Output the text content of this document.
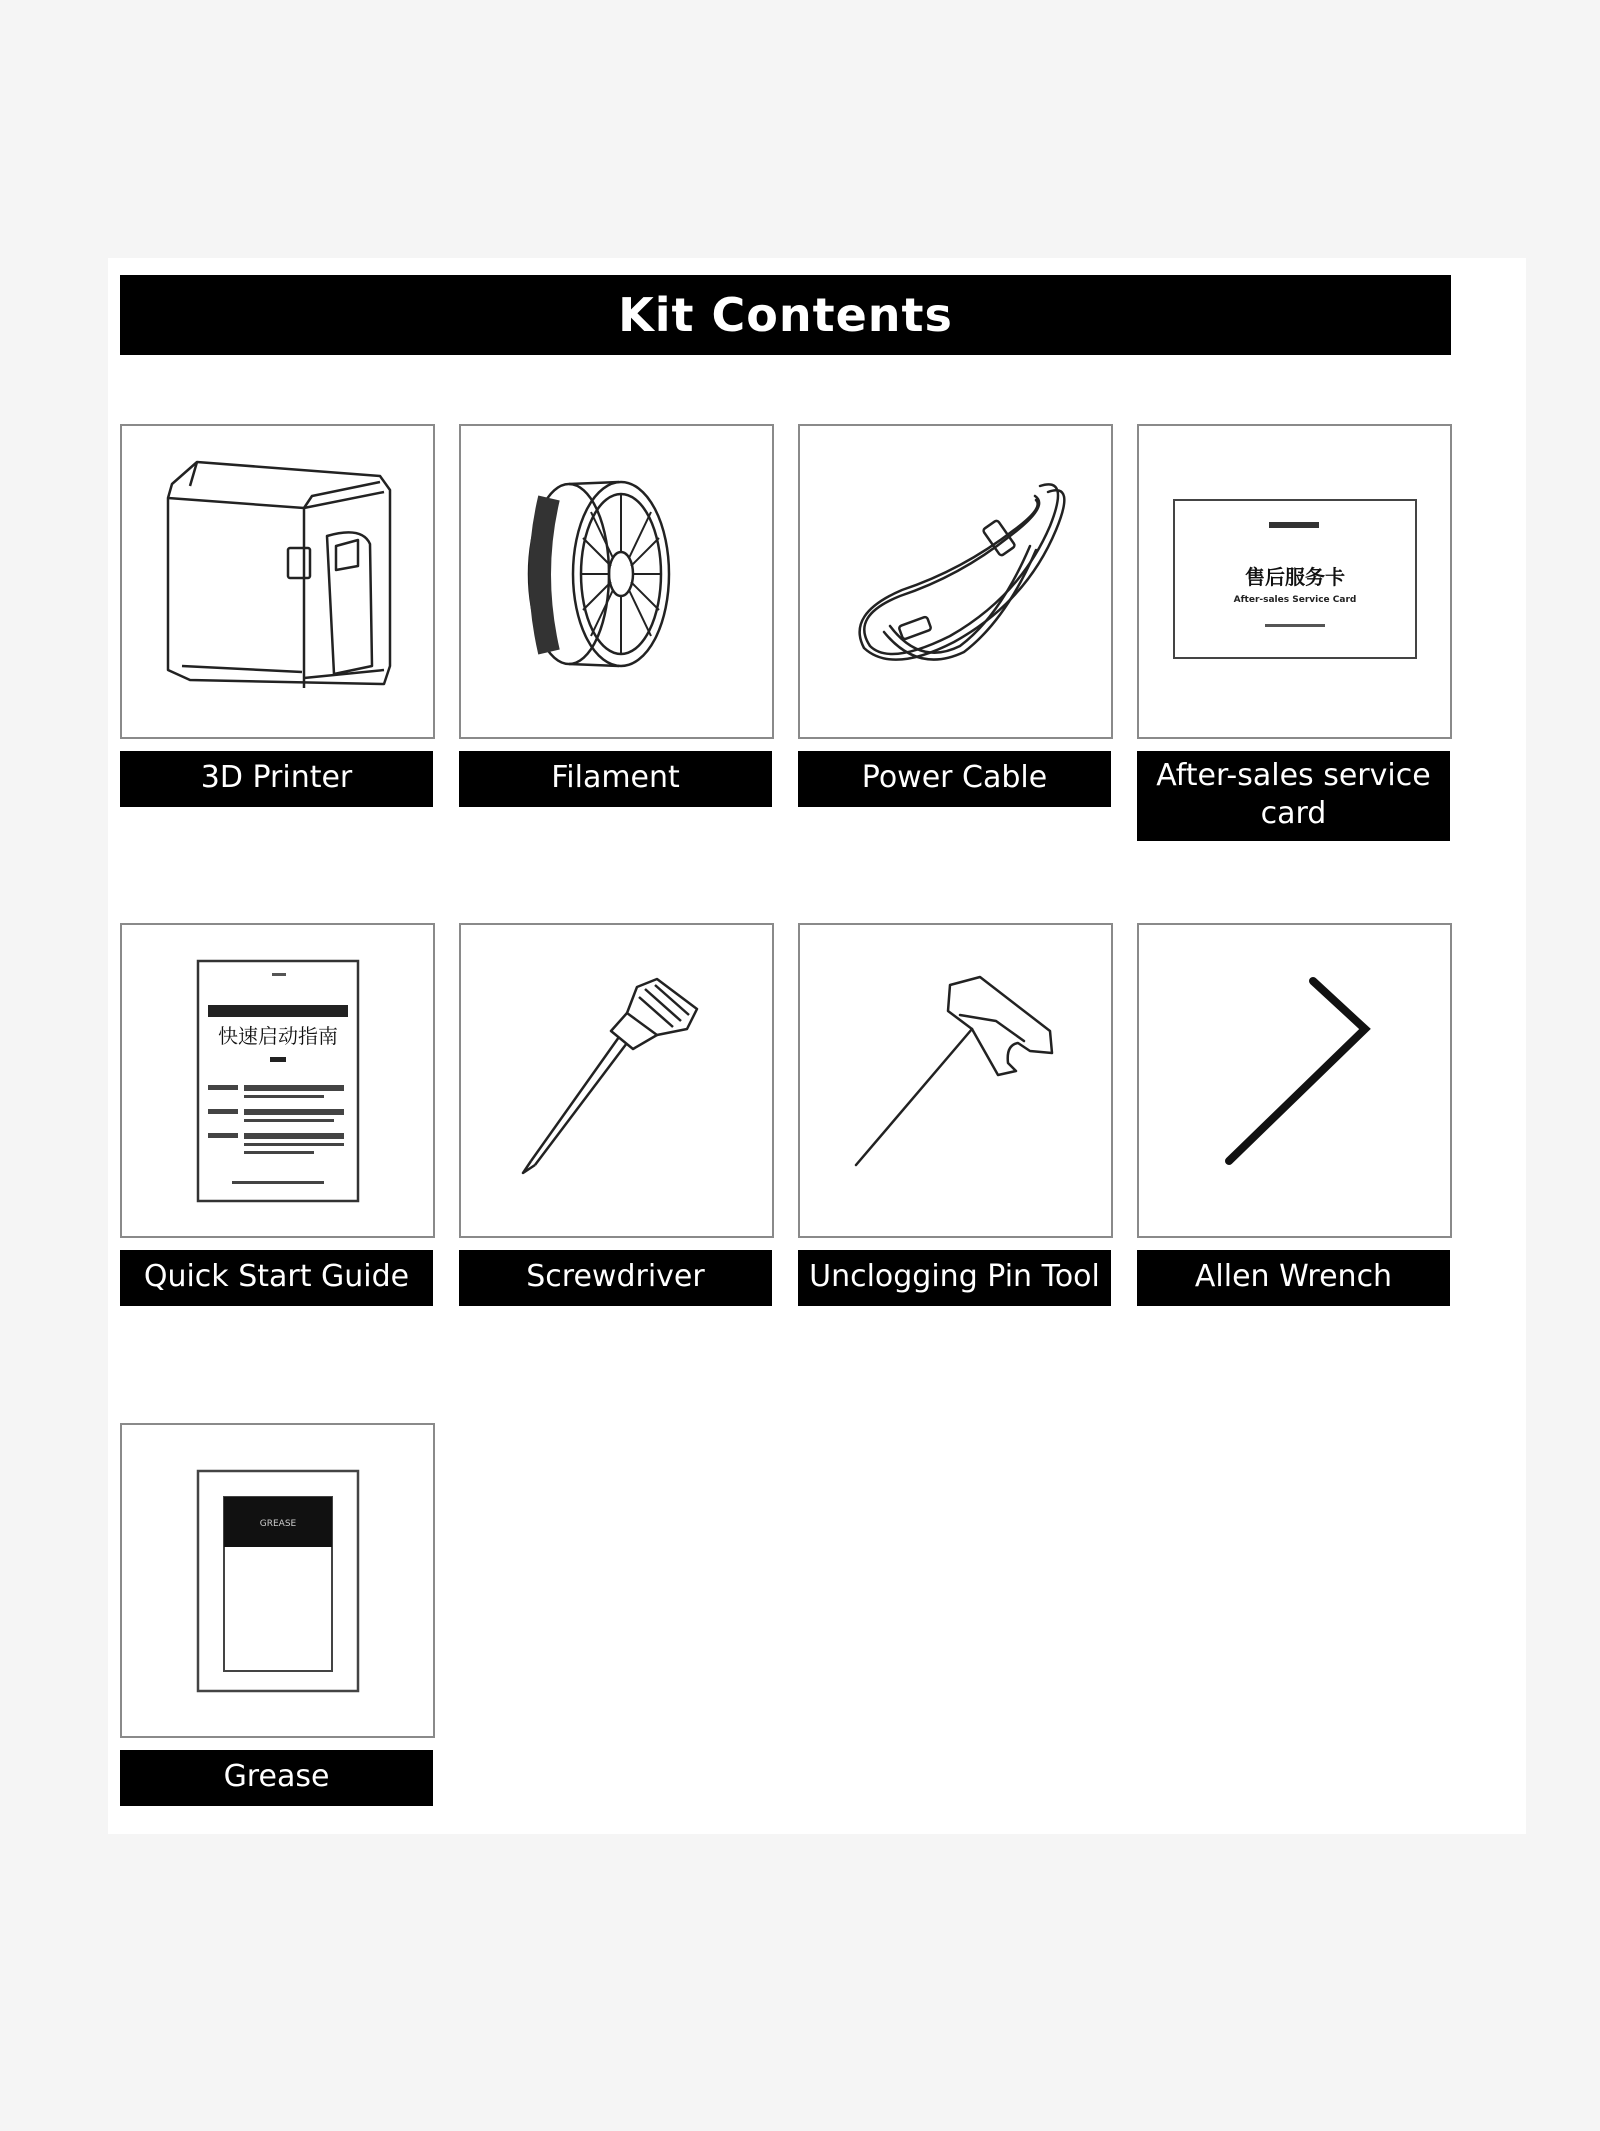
Kit Contents
3D Printer	Filament	Power Cable
售后服务卡
After-sales Service Card
After-sales service card
快速启动指南
Quick Start Guide	Screwdriver	Unclogging Pin Tool	Allen Wrench
GREASE
Grease
